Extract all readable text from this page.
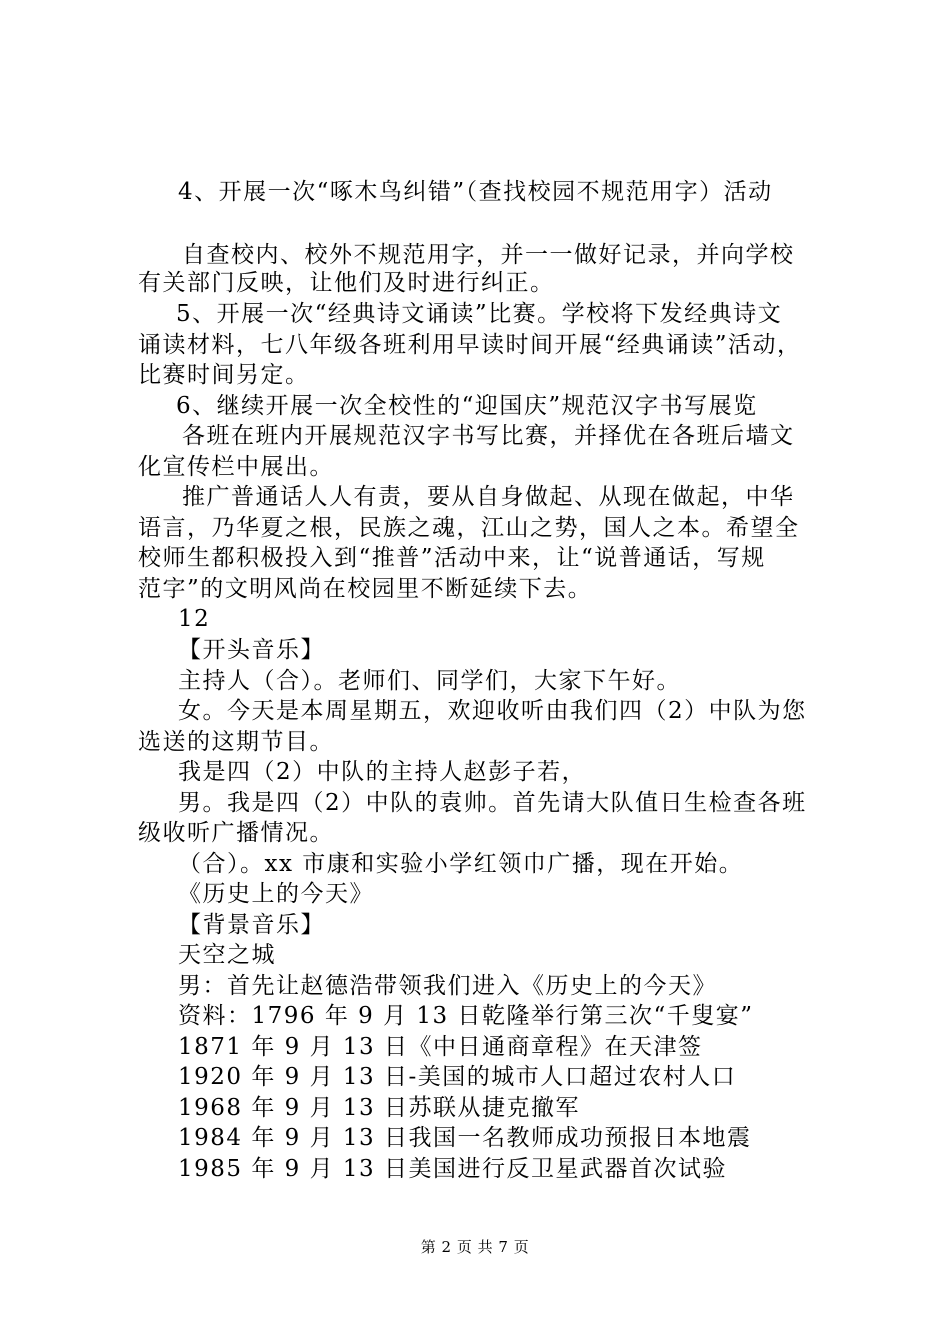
4、开展一次“啄木鸟纠错”（查找校园不规范用字）活动
自查校内、校外不规范用字，并一一做好记录，并向学校
有关部门反映，让他们及时进行纠正。
5、开展一次“经典诗文诵读”比赛。学校将下发经典诗文
诵读材料，七八年级各班利用早读时间开展“经典诵读”活动，
比赛时间另定。
6、继续开展一次全校性的“迎国庆”规范汉字书写展览
各班在班内开展规范汉字书写比赛，并择优在各班后墙文
化宣传栏中展出。
推广普通话人人有责，要从自身做起、从现在做起，中华
语言，乃华夏之根，民族之魂，江山之势，国人之本。希望全
校师生都积极投入到“推普”活动中来，让“说普通话，写规
范字”的文明风尚在校园里不断延续下去。
12
【开头音乐】
主持人（合）。老师们、同学们，大家下午好。
女。今天是本周星期五，欢迎收听由我们四（2）中队为您
选送的这期节目。
我是四（2）中队的主持人赵彭子若，
男。我是四（2）中队的袁帅。首先请大队值日生检查各班
级收听广播情况。
（合）。xx 市康和实验小学红领巾广播，现在开始。
《历史上的今天》
【背景音乐】
天空之城
男：首先让赵德浩带领我们进入《历史上的今天》
资料：1796 年 9 月 13 日乾隆举行第三次“千叟宴”
1871 年 9 月 13 日《中日通商章程》在天津签
1920 年 9 月 13 日-美国的城市人口超过农村人口
1968 年 9 月 13 日苏联从捷克撤军
1984 年 9 月 13 日我国一名教师成功预报日本地震
1985 年 9 月 13 日美国进行反卫星武器首次试验
第 2 页 共 7 页
